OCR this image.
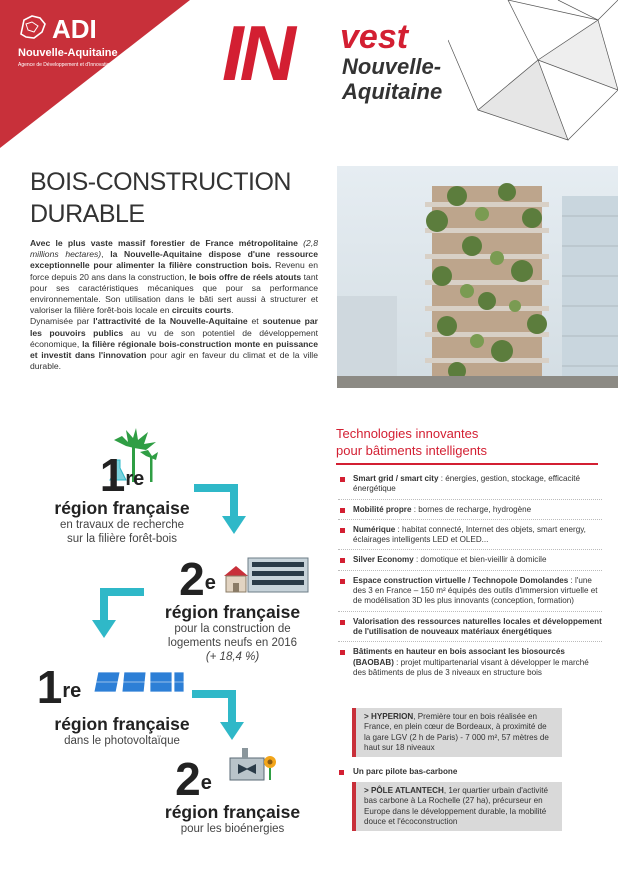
ADI
Nouvelle-Aquitaine
Agence de Développement et d'Innovation	IN vest
Nouvelle-
Aquitaine
BOIS-CONSTRUCTION
DURABLE

Avec le plus vaste massif forestier de France métropolitaine (2,8 millions hectares), la Nouvelle-Aquitaine dispose d'une ressource exceptionnelle pour alimenter la filière construction bois. Revenu en force depuis 20 ans dans la construction, le bois offre de réels atouts tant pour ses caractéristiques mécaniques que pour sa performance environnementale. Son utilisation dans le bâti sert aussi à structurer et valoriser la filière forêt-bois locale en circuits courts.

Dynamisée par l'attractivité de la Nouvelle-Aquitaine et soutenue par les pouvoirs publics au vu de son potentiel de développement économique, la filière régionale bois-construction monte en puissance et investit dans l'innovation pour agir en faveur du climat et de la ville durable.

1re
région française
en travaux de recherche
sur la filière forêt-bois
2e
région française
pour la construction de
logements neufs en 2016
(+ 18,4 %)
1re
région française
dans le photovoltaïque
2e
région française
pour les bioénergies
Technologies innovantes
pour bâtiments intelligents
Smart grid / smart city : énergies, gestion, stockage, efficacité énergétique
Mobilité propre : bornes de recharge, hydrogène
Numérique : habitat connecté, Internet des objets, smart energy, éclairages intelligents LED et OLED...
Silver Economy : domotique et bien-vieillir à domicile
Espace construction virtuelle / Technopole Domolandes : l'une des 3 en France – 150 m² équipés des outils d'immersion virtuelle et de modélisation 3D les plus innovants (conception, formation)
Valorisation des ressources naturelles locales et développement de l'utilisation de nouveaux matériaux énergétiques
Bâtiments en hauteur en bois associant les biosourcés (BAOBAB) : projet multipartenarial visant à développer le marché des bâtiments de plus de 3 niveaux en structure bois
> HYPERION, Première tour en bois réalisée en France, en plein cœur de Bordeaux, à proximité de la gare LGV (2 h de Paris) - 7 000 m², 57 mètres de haut sur 18 niveaux
Un parc pilote bas-carbone
> PÔLE ATLANTECH, 1er quartier urbain d'activité bas carbone à La Rochelle (27 ha), précurseur en Europe dans le développement durable, la mobilité douce et l'écoconstruction
